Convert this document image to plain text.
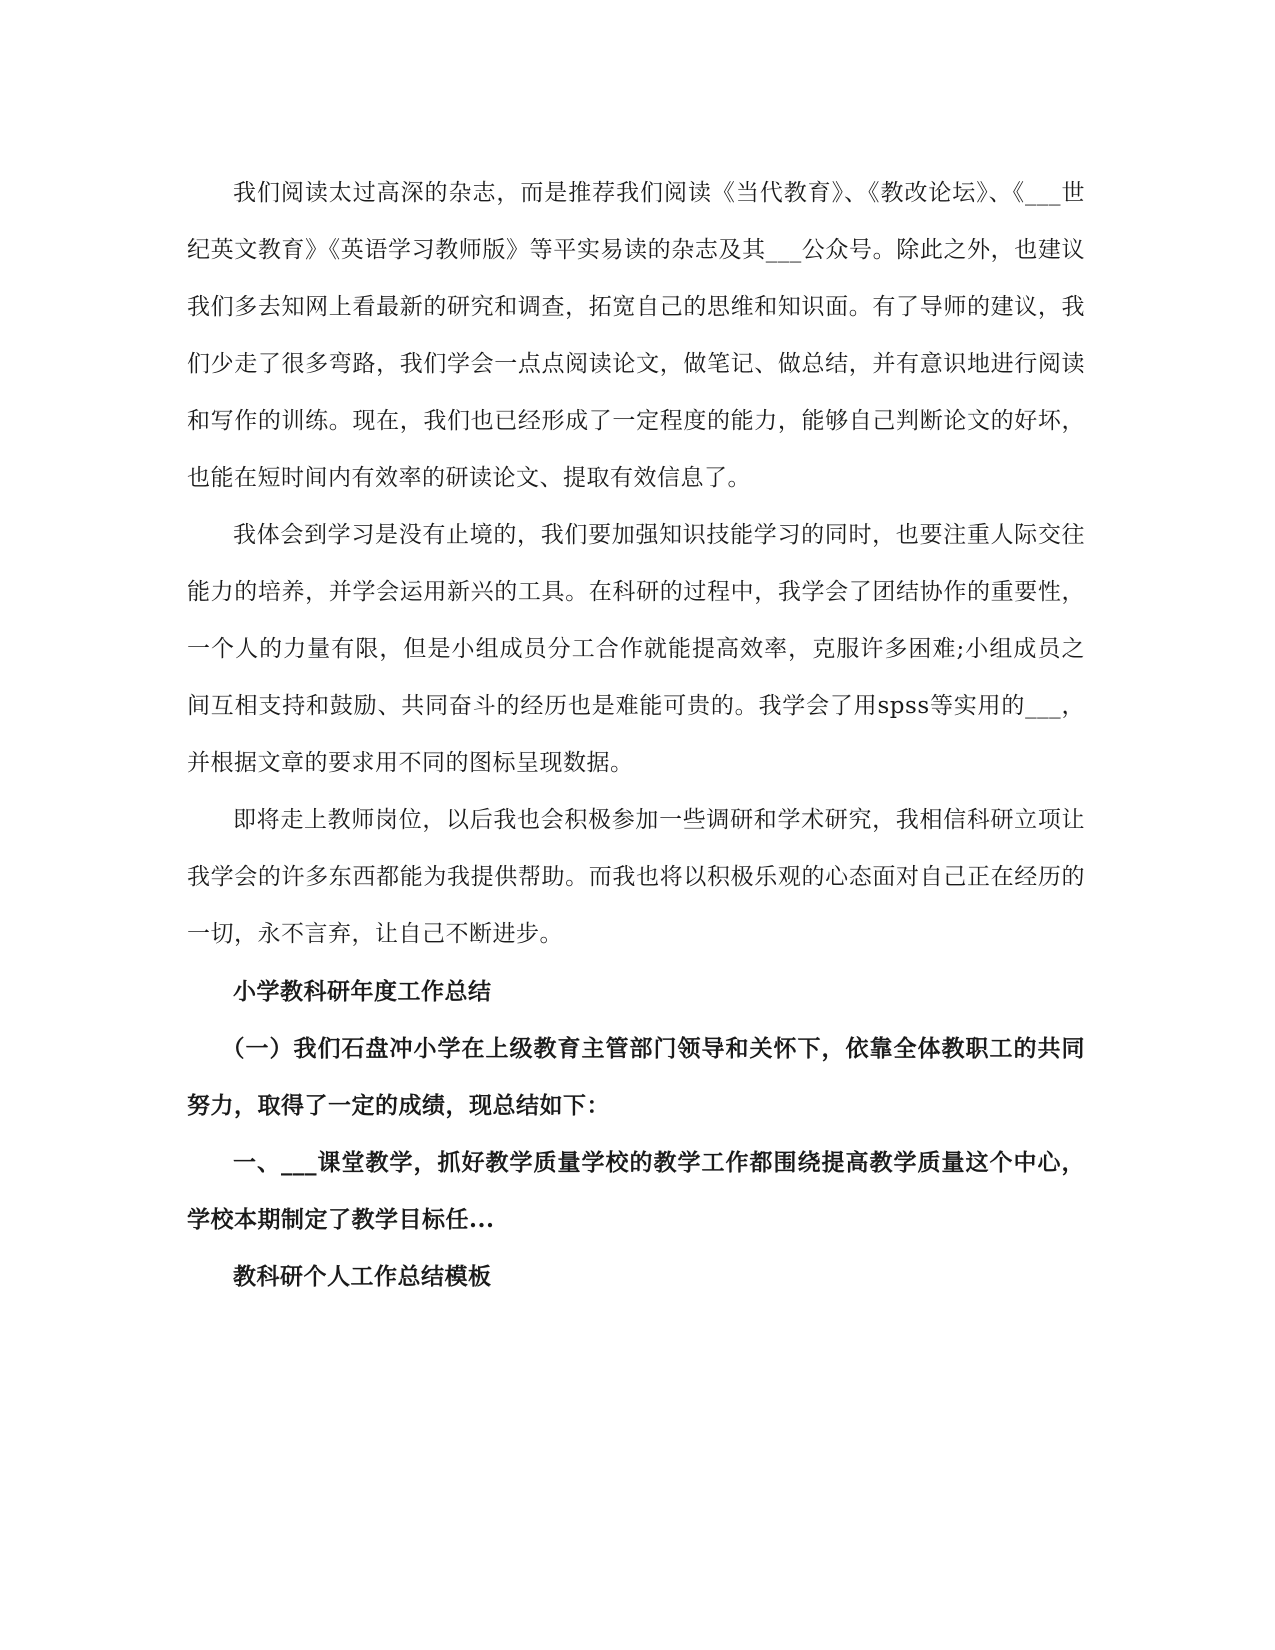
我们阅读太过高深的杂志，而是推荐我们阅读《当代教育》、《教改论坛》、《___世纪英文教育》《英语学习教师版》等平实易读的杂志及其___公众号。除此之外，也建议我们多去知网上看最新的研究和调查，拓宽自己的思维和知识面。有了导师的建议，我们少走了很多弯路，我们学会一点点阅读论文，做笔记、做总结，并有意识地进行阅读和写作的训练。现在，我们也已经形成了一定程度的能力，能够自己判断论文的好坏，也能在短时间内有效率的研读论文、提取有效信息了。

我体会到学习是没有止境的，我们要加强知识技能学习的同时，也要注重人际交往能力的培养，并学会运用新兴的工具。在科研的过程中，我学会了团结协作的重要性，一个人的力量有限，但是小组成员分工合作就能提高效率，克服许多困难;小组成员之间互相支持和鼓励、共同奋斗的经历也是难能可贵的。我学会了用spss等实用的___，并根据文章的要求用不同的图标呈现数据。

即将走上教师岗位，以后我也会积极参加一些调研和学术研究，我相信科研立项让我学会的许多东西都能为我提供帮助。而我也将以积极乐观的心态面对自己正在经历的一切，永不言弃，让自己不断进步。

小学教科研年度工作总结

（一）我们石盘冲小学在上级教育主管部门领导和关怀下，依靠全体教职工的共同努力，取得了一定的成绩，现总结如下：

一、___课堂教学，抓好教学质量学校的教学工作都围绕提高教学质量这个中心，学校本期制定了教学目标任...

教科研个人工作总结模板
